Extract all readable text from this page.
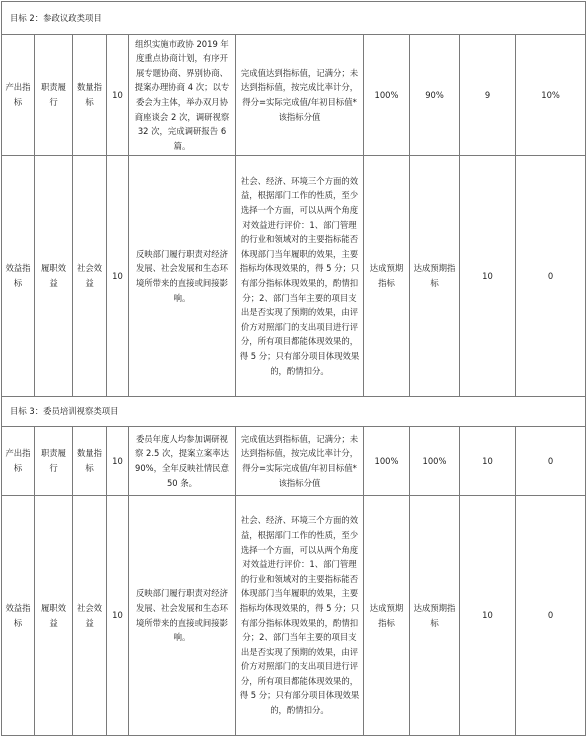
目标 2：参政议政类项目									
产出指标	职责履行	数量指标	10	组织实施市政协 2019 年度重点协商计划，有序开展专题协商、界别协商、提案办理协商 4 次；以专委会为主体，举办双月协商座谈会 2 次，调研视察 32 次，完成调研报告 6 篇。	完成值达到指标值，记满分；未达到指标值，按完成比率计分，得分=实际完成值/年初目标值*该指标分值	100%	90%	9	10%
效益指标	履职效益	社会效益	10	反映部门履行职责对经济发展、社会发展和生态环境所带来的直接或间接影响。	社会、经济、环境三个方面的效益，根据部门工作的性质，至少选择一个方面，可以从两个角度对效益进行评价：1、部门管理的行业和领域对的主要指标能否体现部门当年履职的效果，主要指标均体现效果的，得 5 分；只有部分指标体现效果的，酌情扣分；2、部门当年主要的项目支出是否实现了预期的效果，由评价方对照部门的支出项目进行评分，所有项目都能体现效果的，得 5 分；只有部分项目体现效果的，酌情扣分。	达成预期指标	达成预期指标	10	0
目标 3：委员培训视察类项目									
产出指标	职责履行	数量指标	10	委员年度人均参加调研视察 2.5 次，提案立案率达 90%，全年反映社情民意 50 条。	完成值达到指标值，记满分；未达到指标值，按完成比率计分，得分=实际完成值/年初目标值*该指标分值	100%	100%	10	0
效益指标	履职效益	社会效益	10	反映部门履行职责对经济发展、社会发展和生态环境所带来的直接或间接影响。	社会、经济、环境三个方面的效益，根据部门工作的性质，至少选择一个方面，可以从两个角度对效益进行评价：1、部门管理的行业和领域对的主要指标能否体现部门当年履职的效果，主要指标均体现效果的，得 5 分；只有部分指标体现效果的，酌情扣分；2、部门当年主要的项目支出是否实现了预期的效果，由评价方对照部门的支出项目进行评分，所有项目都能体现效果的，得 5 分；只有部分项目体现效果的，酌情扣分。	达成预期指标	达成预期指标	10	0
